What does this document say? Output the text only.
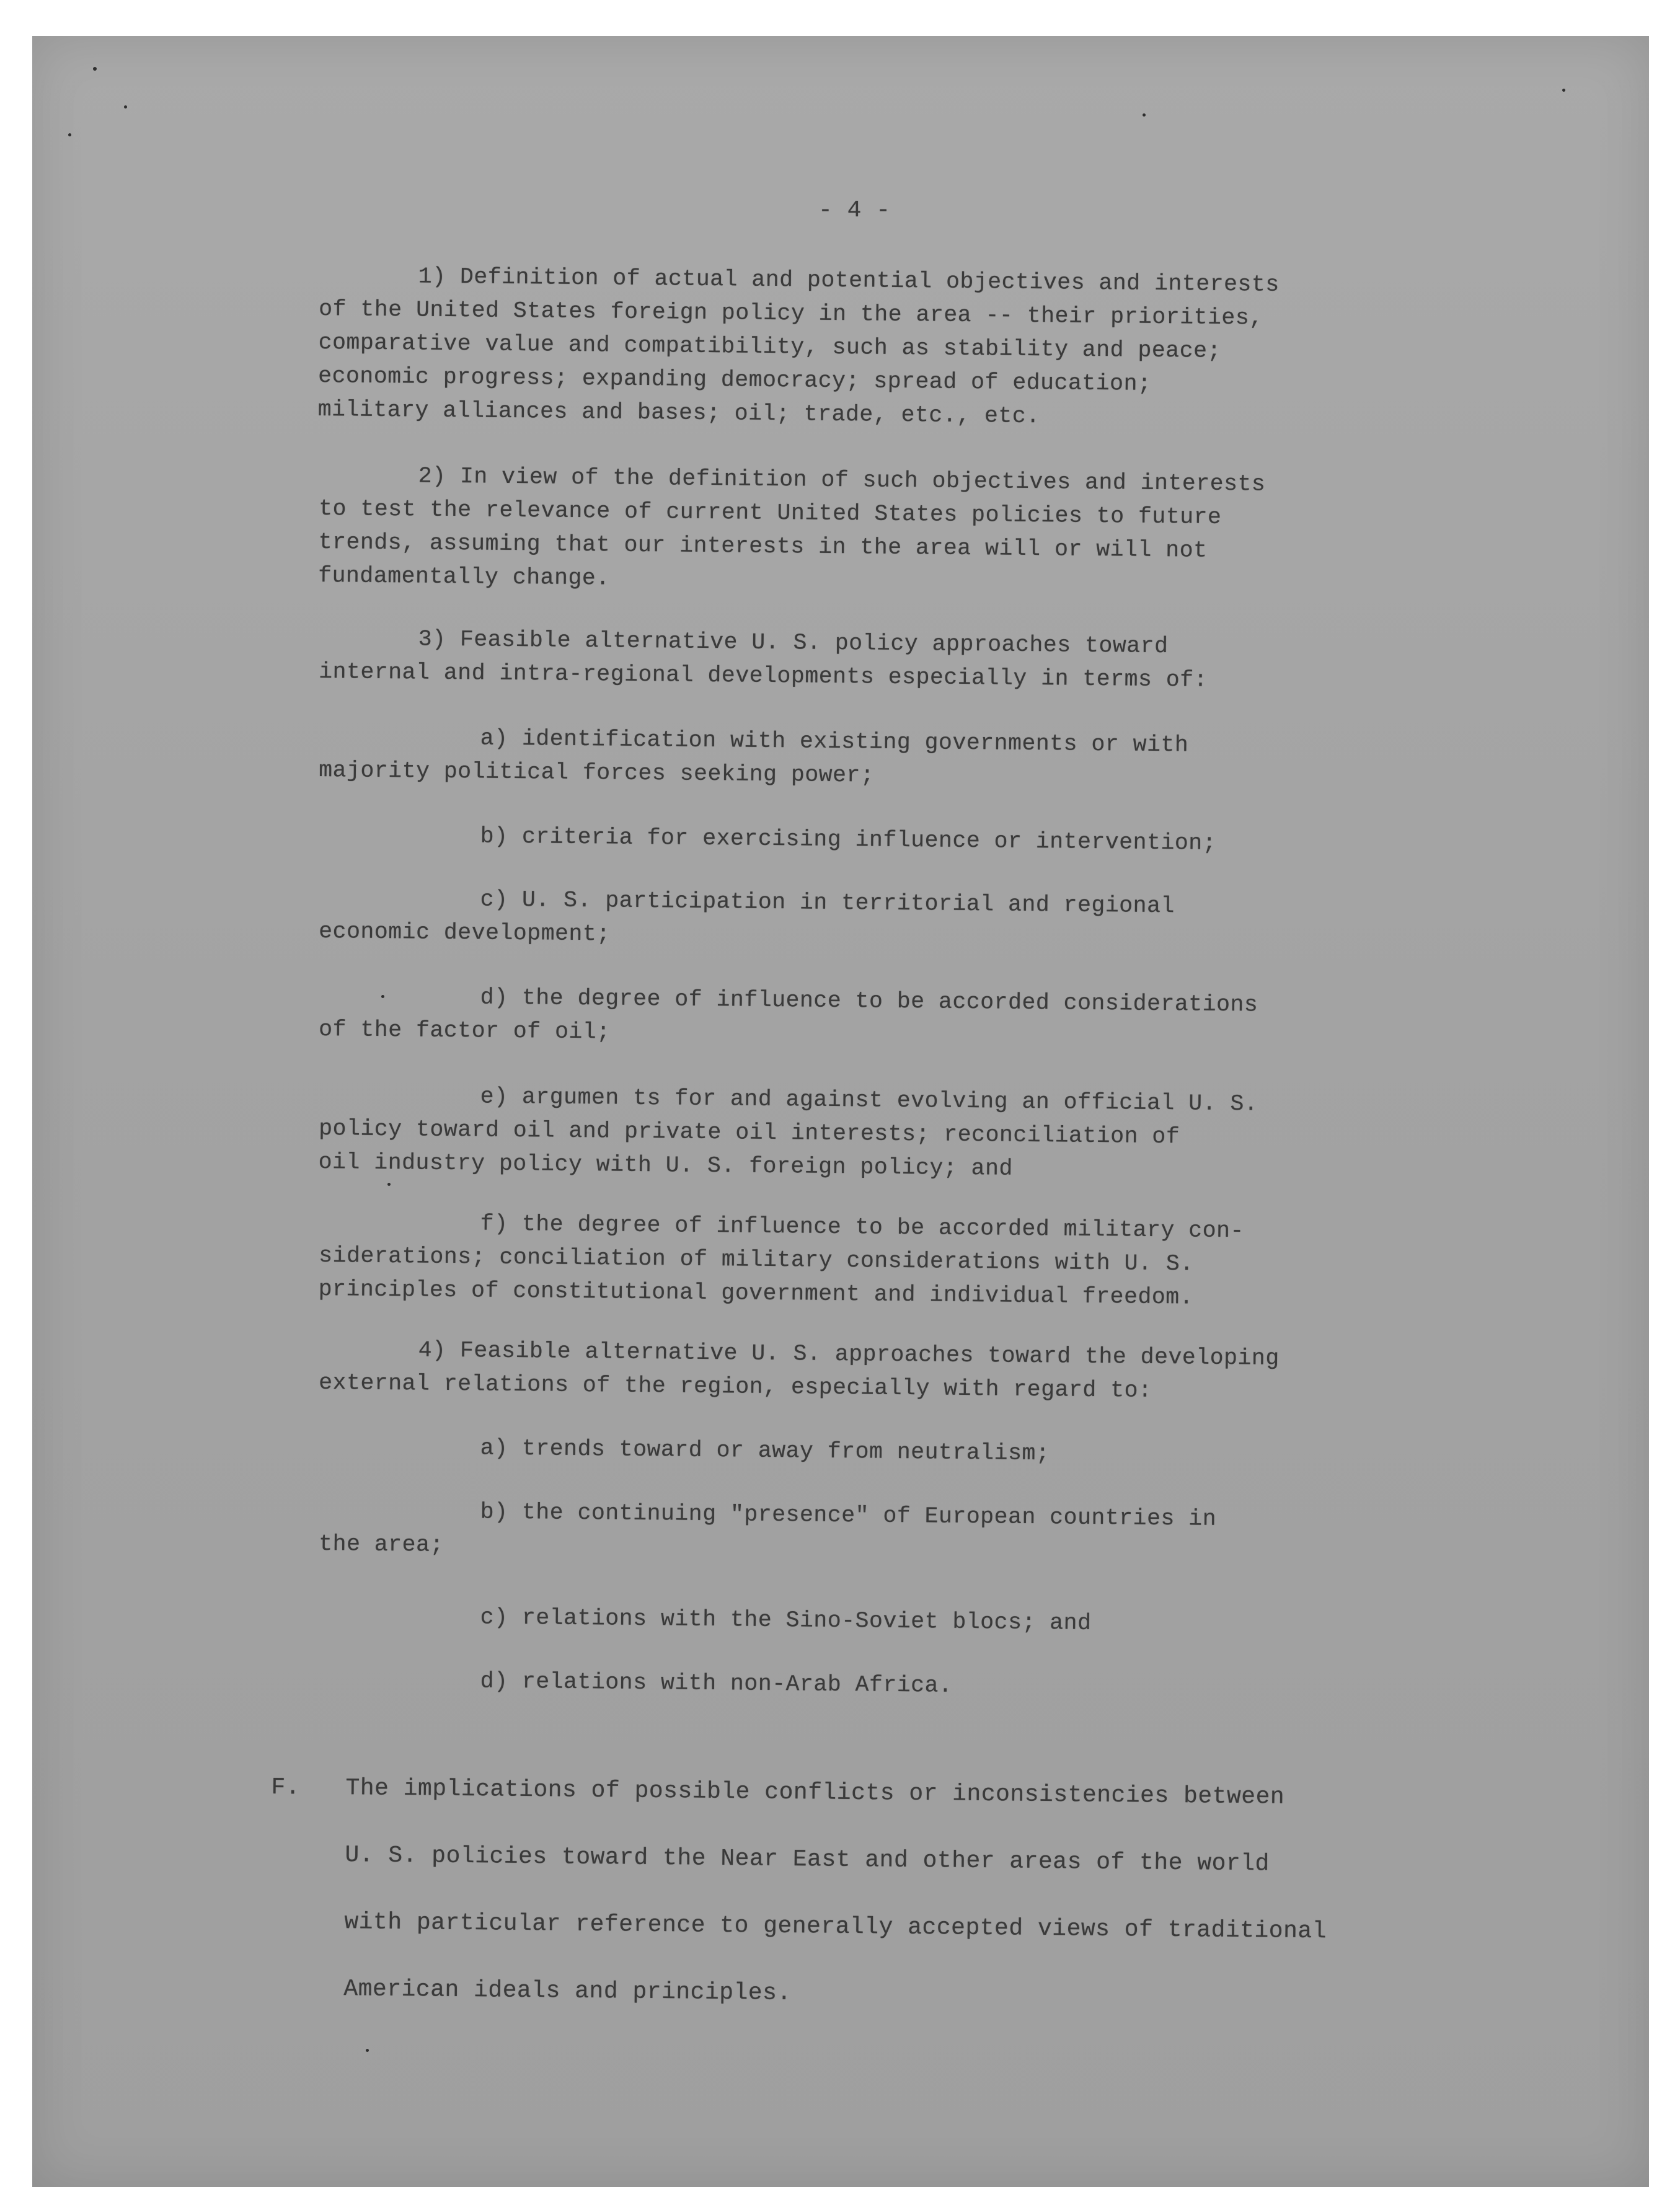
- 4 -
1) Definition of actual and potential objectives and interests
of the United States foreign policy in the area -- their priorities,
comparative value and compatibility, such as stability and peace;
economic progress; expanding democracy; spread of education;
military alliances and bases; oil; trade, etc., etc.
2) In view of the definition of such objectives and interests
to test the relevance of current United States policies to future
trends, assuming that our interests in the area will or will not
fundamentally change.
3) Feasible alternative U. S. policy approaches toward
internal and intra-regional developments especially in terms of:
a) identification with existing governments or with
majority political forces seeking power;
b) criteria for exercising influence or intervention;
c) U. S. participation in territorial and regional
economic development;
d) the degree of influence to be accorded considerations
of the factor of oil;
e) argumen ts for and against evolving an official U. S.
policy toward oil and private oil interests; reconciliation of
oil industry policy with U. S. foreign policy; and
f) the degree of influence to be accorded military con-
siderations; conciliation of military considerations with U. S.
principles of constitutional government and individual freedom.
4) Feasible alternative U. S. approaches toward the developing
external relations of the region, especially with regard to:
a) trends toward or away from neutralism;
b) the continuing "presence" of European countries in
the area;
c) relations with the Sino-Soviet blocs; and
d) relations with non-Arab Africa.
F. The implications of possible conflicts or inconsistencies between
U. S. policies toward the Near East and other areas of the world
with particular reference to generally accepted views of traditional
American ideals and principles.
